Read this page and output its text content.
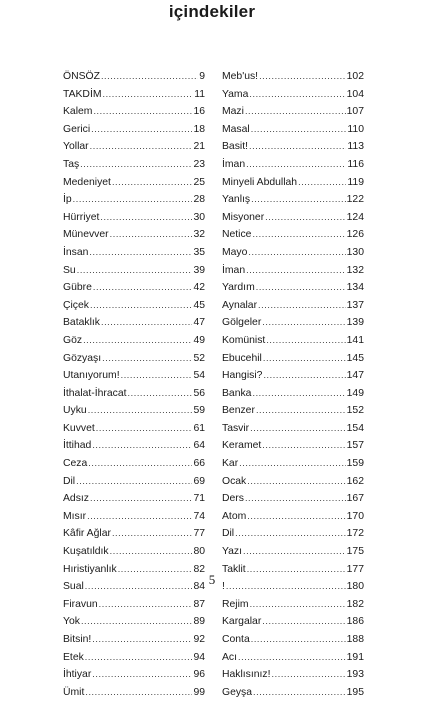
içindekiler
ÖNSÖZ .....	9
TAKDİM .....	11
Kalem .....	16
Gerici .....	18
Yollar .....	21
Taş .....	23
Medeniyet .....	25
İp .....	28
Hürriyet .....	30
Münevver .....	32
İnsan .....	35
Su .....	39
Gübre .....	42
Çiçek .....	45
Bataklık .....	47
Göz .....	49
Gözyaşı .....	52
Utanıyorum! .....	54
İthalat-İhracat .....	56
Uyku .....	59
Kuvvet .....	61
İttihad .....	64
Ceza .....	66
Dil .....	69
Adsız .....	71
Mısır .....	74
Kâfir Ağlar .....	77
Kuşatıldık .....	80
Hıristiyanlık .....	82
Sual .....	84
Firavun .....	87
Yok .....	89
Bitsin! .....	92
Etek .....	94
İhtiyar .....	96
Ümit .....	99
Meb'us! .....	102
Yama .....	104
Mazi .....	107
Masal .....	110
Basit! .....	113
İman .....	116
Minyeli Abdullah .....	119
Yanlış .....	122
Misyoner .....	124
Netice .....	126
Mayo .....	130
İman .....	132
Yardım .....	134
Aynalar .....	137
Gölgeler .....	139
Komünist .....	141
Ebucehil .....	145
Hangisi? .....	147
Banka .....	149
Benzer .....	152
Tasvir .....	154
Keramet .....	157
Kar .....	159
Ocak .....	162
Ders .....	167
Atom .....	170
Dil .....	172
Yazı .....	175
Taklit .....	177
! .....	180
Rejim .....	182
Kargalar .....	186
Conta .....	188
Acı .....	191
Haklısınız! .....	193
Geyşa .....	195
5
